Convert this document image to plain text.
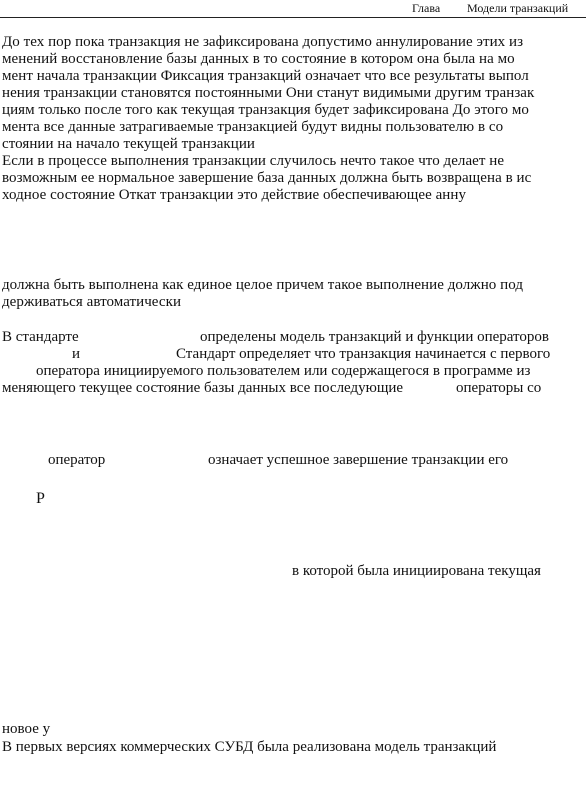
Глава Модели транзакций
До тех пор пока транзакция не зафиксирована допустимо аннулирование этих из
менений восстановление базы данных в то состояние в котором она была на мо
мент начала транзакции Фиксация транзакций означает что все результаты выпол
нения транзакции становятся постоянными Они станут видимыми другим транзак
циям только после того как текущая транзакция будет зафиксирована До этого мо
мента все данные затрагиваемые транзакцией будут видны пользователю в со
стоянии на начало текущей транзакции
Если в процессе выполнения транзакции случилось нечто такое что делает не
возможным ее нормальное завершение база данных должна быть возвращена в ис
ходное состояние Откат транзакции это действие обеспечивающее анну
должна быть выполнена как единое целое причем такое выполнение должно под
держиваться автоматически
В стандарте	определены модель транзакций и функции операторов
и	Стандарт определяет что транзакция начинается с первого
оператора инициируемого пользователем или содержащегося в программе из
меняющего текущее состояние базы данных все последующие	операторы со
оператор	означает успешное завершение транзакции его
Р
в которой была инициирована текущая
новое у
В первых версиях коммерческих СУБД была реализована модель транзакций
